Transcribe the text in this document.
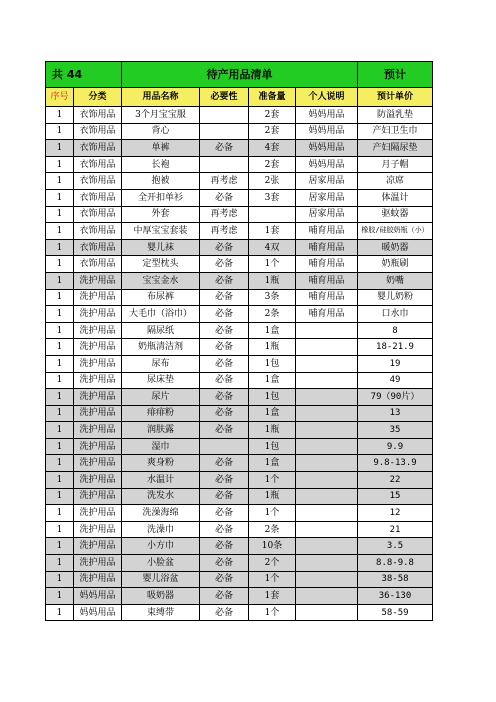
共 44		待产用品清单				预计
序号	分类	用品名称	必要性	准备量	个人说明	预计单价
1	衣饰用品	3个月宝宝服		2套	妈妈用品	防溢乳垫
1	衣饰用品	背心		2套	妈妈用品	产妇卫生巾
1	衣饰用品	单裤	必备	4套	妈妈用品	产妇隔尿垫
1	衣饰用品	长袍		2套	妈妈用品	月子帽
1	衣饰用品	抱被	再考虑	2张	居家用品	凉席
1	衣饰用品	全开扣单衫	必备	3套	居家用品	体温计
1	衣饰用品	外套	再考虑		居家用品	驱蚊器
1	衣饰用品	中厚宝宝套装	再考虑	1套	哺育用品	橡胶/硅胶奶瓶（小）
1	衣饰用品	婴儿袜	必备	4双	哺育用品	暖奶器
1	衣饰用品	定型枕头	必备	1个	哺育用品	奶瓶刷
1	洗护用品	宝宝金水	必备	1瓶	哺育用品	奶嘴
1	洗护用品	布尿裤	必备	3条	哺育用品	婴儿奶粉
1	洗护用品	大毛巾（浴巾）	必备	2条	哺育用品	口水巾
1	洗护用品	隔尿纸	必备	1盒		8
1	洗护用品	奶瓶清洁剂	必备	1瓶		18-21.9
1	洗护用品	尿布	必备	1包		19
1	洗护用品	尿床垫	必备	1盒		49
1	洗护用品	尿片	必备	1包		79（90片）
1	洗护用品	痱痱粉	必备	1盒		13
1	洗护用品	润肤露	必备	1瓶		35
1	洗护用品	湿巾		1包		9.9
1	洗护用品	爽身粉	必备	1盒		9.8-13.9
1	洗护用品	水温计	必备	1个		22
1	洗护用品	洗发水	必备	1瓶		15
1	洗护用品	洗澡海绵	必备	1个		12
1	洗护用品	洗澡巾	必备	2条		21
1	洗护用品	小方巾	必备	10条		3.5
1	洗护用品	小脸盆	必备	2个		8.8-9.8
1	洗护用品	婴儿浴盆	必备	1个		38-58
1	妈妈用品	吸奶器	必备	1套		36-130
1	妈妈用品	束缚带	必备	1个		58-59
